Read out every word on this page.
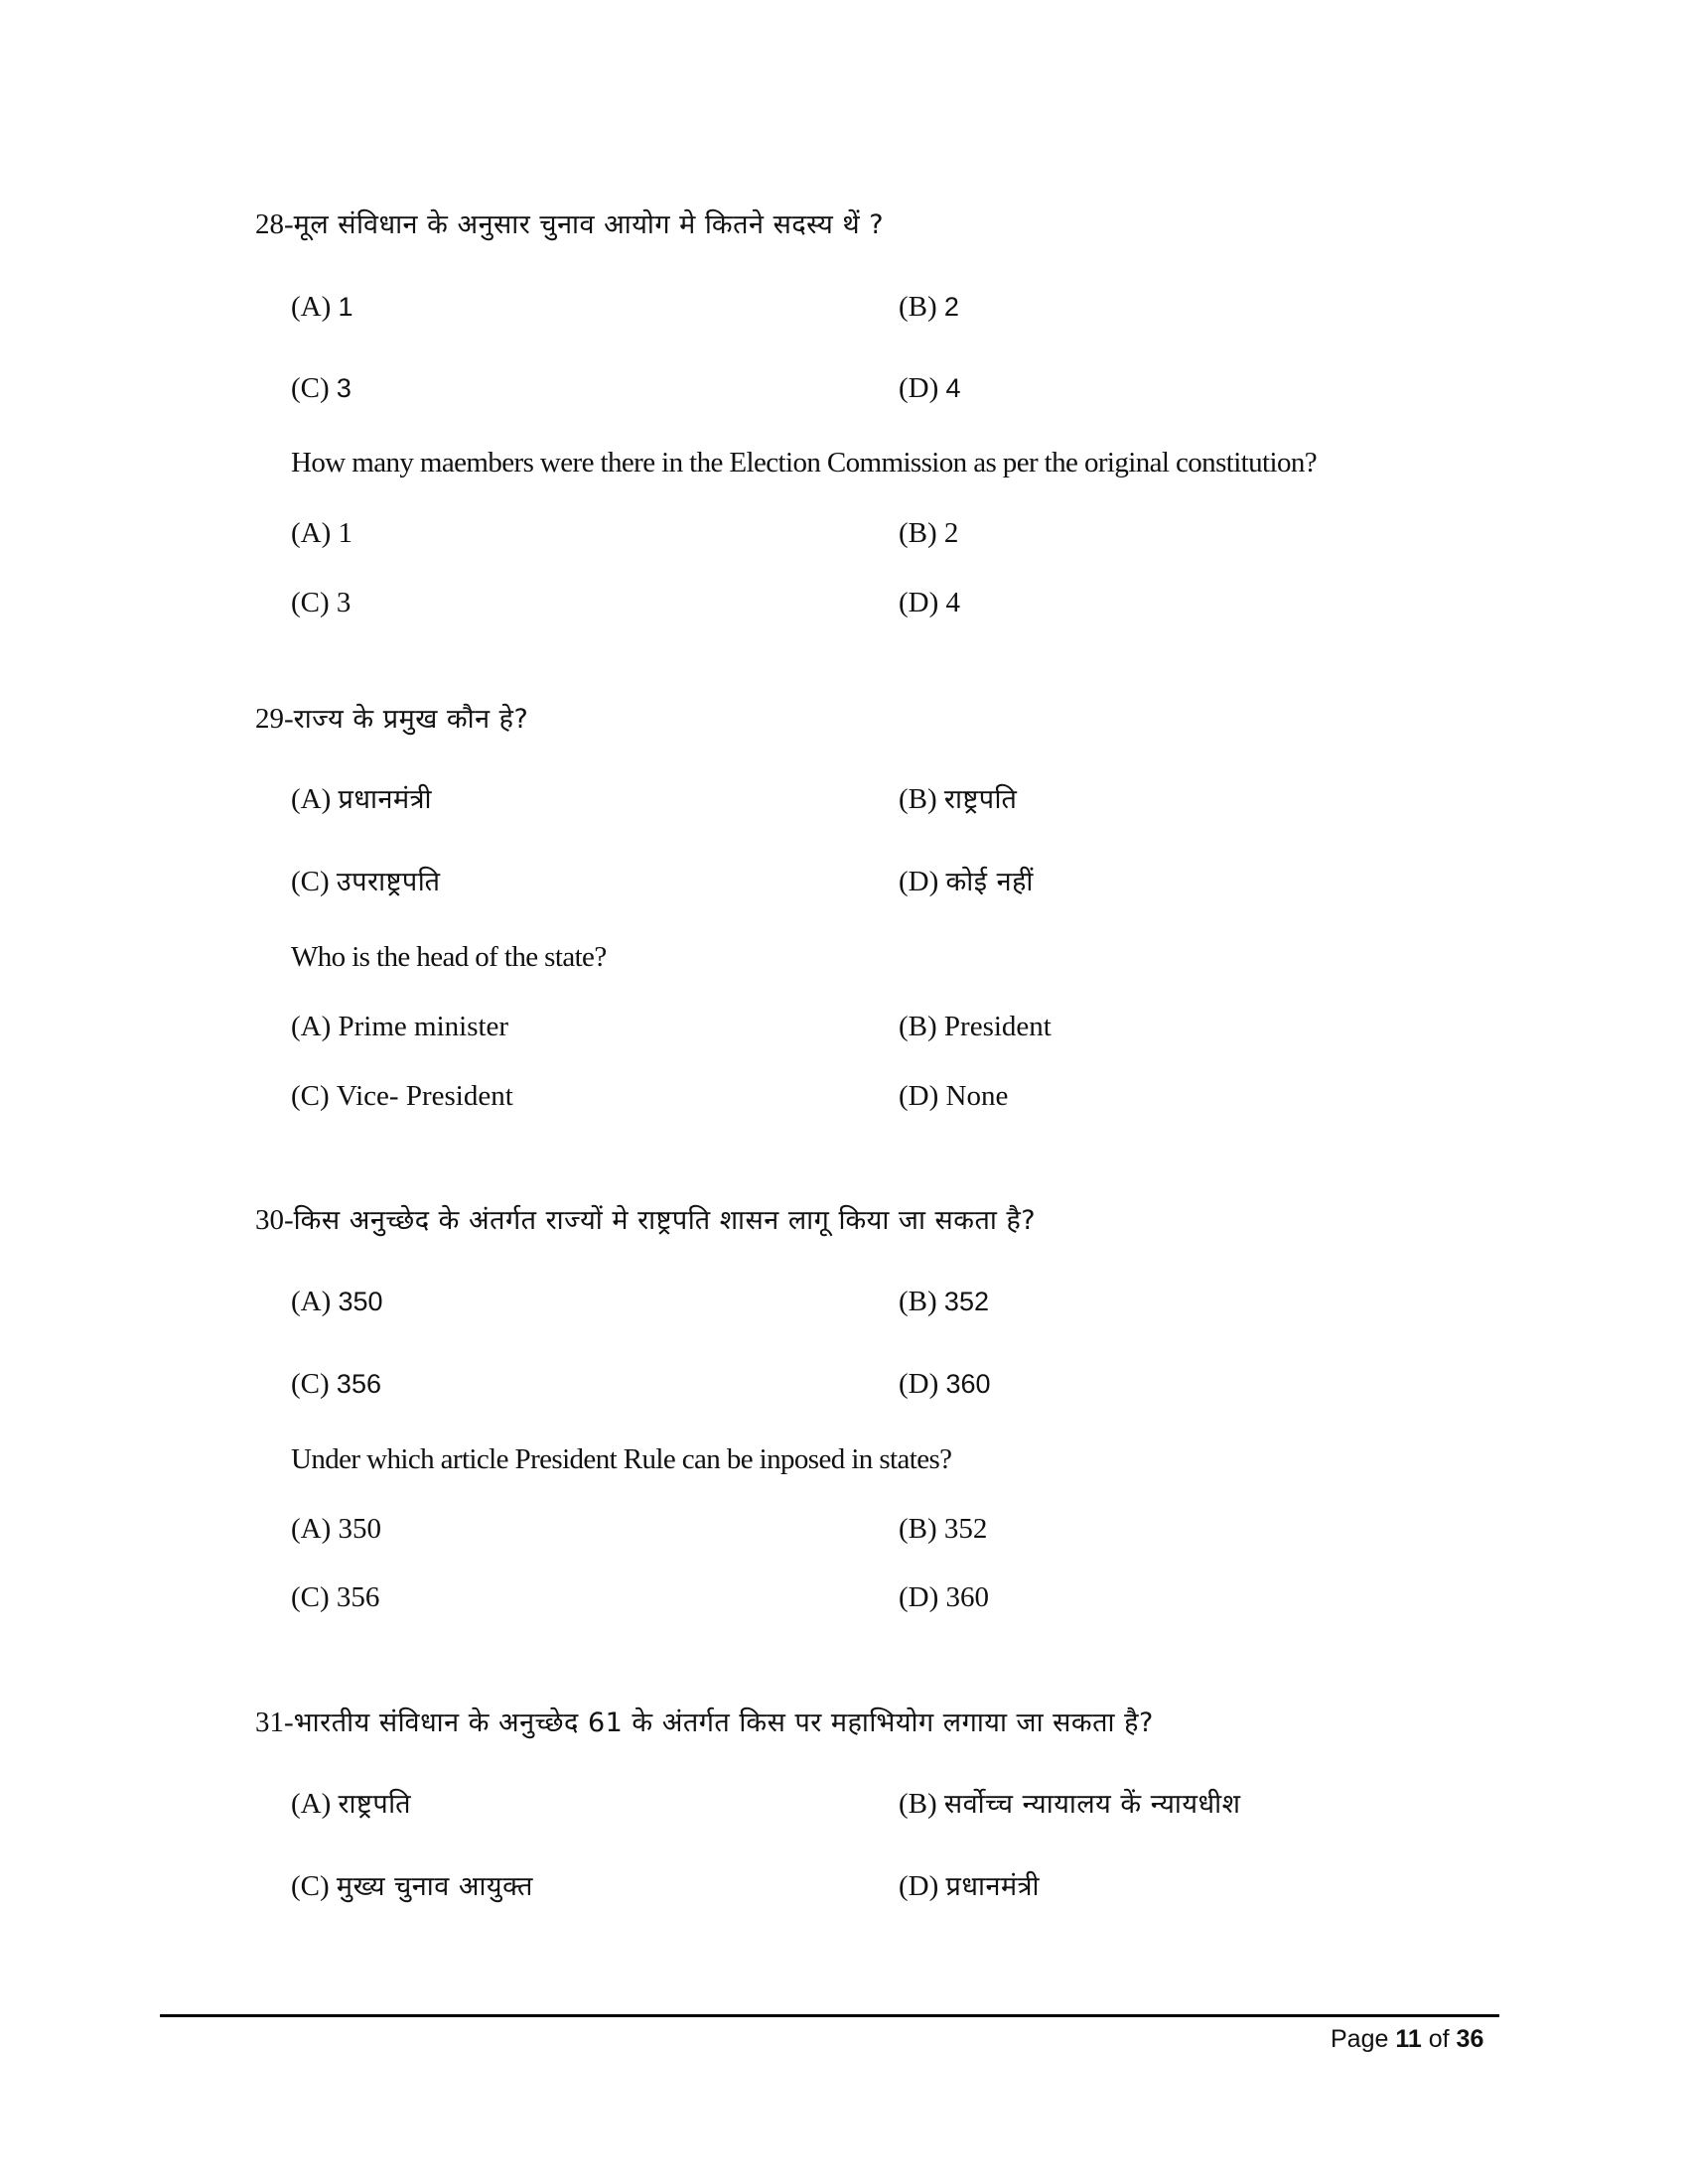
28-मूल संविधान के अनुसार चुनाव आयोग मे कितने सदस्य थें ?
(A) 1	(B) 2
(C) 3	(D) 4
How many maembers were there in the Election Commission as per the original constitution?
(A) 1	(B) 2
(C) 3	(D) 4
29-राज्य के प्रमुख कौन हे?
(A) प्रधानमंत्री	(B) राष्ट्रपति
(C) उपराष्ट्रपति	(D) कोई नहीं
Who is the head of the state?
(A) Prime minister	(B) President
(C) Vice- President	(D) None
30-किस अनुच्छेद के अंतर्गत राज्यों मे राष्ट्रपति शासन लागू किया जा सकता है?
(A) 350	(B) 352
(C) 356	(D) 360
Under which article President Rule can be inposed in states?
(A) 350	(B) 352
(C) 356	(D) 360
31-भारतीय संविधान के अनुच्छेद 61 के अंतर्गत किस पर महाभियोग लगाया जा सकता है?
(A) राष्ट्रपति	(B) सर्वोच्च न्यायालय कें न्यायधीश
(C) मुख्य चुनाव आयुक्त	(D) प्रधानमंत्री
Page 11 of 36
